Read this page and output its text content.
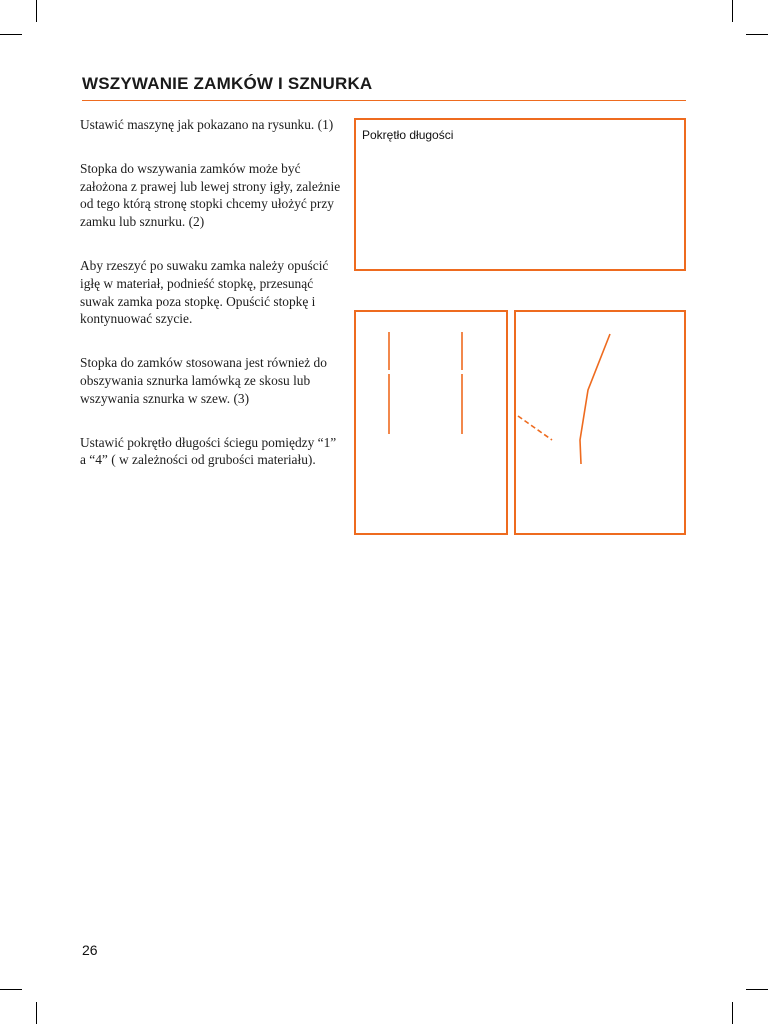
WSZYWANIE ZAMKÓW I SZNURKA

Ustawić maszynę jak pokazano na rysunku. (1)

Stopka do wszywania zamków może być założona z prawej lub lewej strony igły, zależnie od tego którą stronę stopki chcemy ułożyć przy zamku lub sznurku. (2)

Aby rzeszyć po suwaku zamka należy opuścić igłę w materiał, podnieść stopkę, przesunąć suwak zamka poza stopkę. Opuścić stopkę i kontynuować szycie.

Stopka do zamków stosowana jest również do obszywania sznurka lamówką ze skosu lub wszywania sznurka w szew. (3)

Ustawić pokrętło długości ściegu pomiędzy “1” a “4” ( w zależności od grubości materiału).

Pokrętło długości
26
